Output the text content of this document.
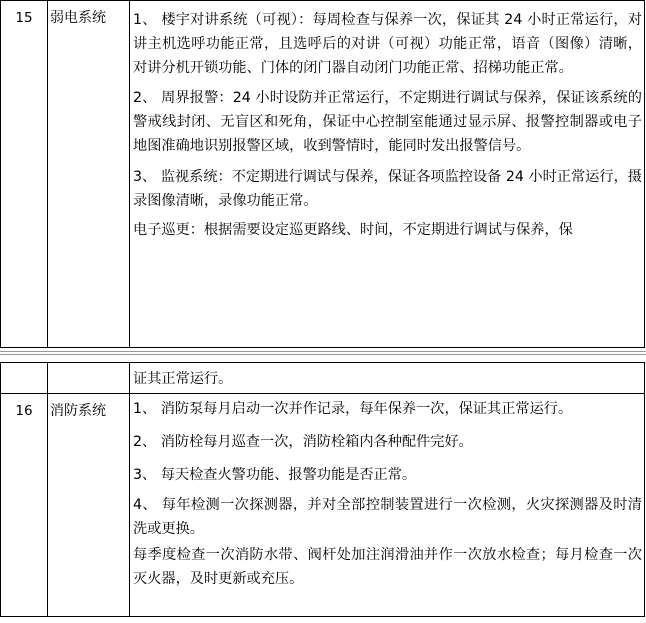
15	弱电系统	1、 楼宇对讲系统（可视）：每周检查与保养一次，保证其 24 小时正常运行，对讲主机选呼功能正常，且选呼后的对讲（可视）功能正常，语音（图像）清晰，对讲分机开锁功能、门体的闭门器自动闭门功能正常、招梯功能正常。

2、 周界报警：24 小时设防并正常运行，不定期进行调试与保养，保证该系统的警戒线封闭、无盲区和死角，保证中心控制室能通过显示屏、报警控制器或电子地图准确地识别报警区域，收到警情时，能同时发出报警信号。

3、 监视系统：不定期进行调试与保养，保证各项监控设备 24 小时正常运行，摄录图像清晰，录像功能正常。

电子巡更：根据需要设定巡更路线、时间，不定期进行调试与保养，保

		证其正常运行。

16	消防系统	1、 消防泵每月启动一次并作记录，每年保养一次，保证其正常运行。

2、 消防栓每月巡查一次，消防栓箱内各种配件完好。

3、 每天检查火警功能、报警功能是否正常。

4、 每年检测一次探测器，并对全部控制装置进行一次检测，火灾探测器及时清洗或更换。

每季度检查一次消防水带、阀杆处加注润滑油并作一次放水检查；每月检查一次灭火器，及时更新或充压。
